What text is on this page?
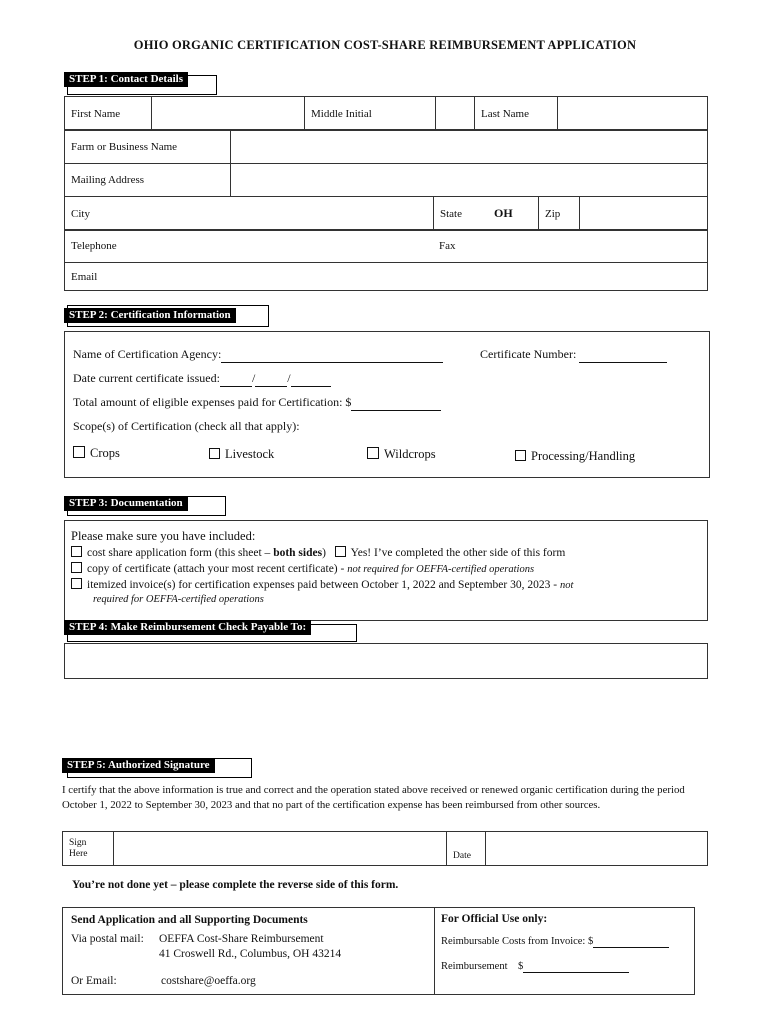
OHIO ORGANIC CERTIFICATION COST-SHARE REIMBURSEMENT APPLICATION
STEP 1: Contact Details
First Name		Middle Initial			Last Name	
Farm or Business Name	
Mailing Address	
City	State	OH	Zip	
Telephone	Fax
Email
STEP 2: Certification Information
Name of Certification Agency:	Certificate Number:
Date current certificate issued:	/	/
Total amount of eligible expenses paid for Certification: $
Scope(s) of Certification (check all that apply):
Crops	Livestock	Wildcrops	Processing/Handling
STEP 3: Documentation
Please make sure you have included:
cost share application form (this sheet – both sides) Yes! I’ve completed the other side of this form
copy of certificate (attach your most recent certificate) - not required for OEFFA-certified operations
itemized invoice(s) for certification expenses paid between October 1, 2022 and September 30, 2023 - not
required for OEFFA-certified operations
STEP 4: Make Reimbursement Check Payable To:
STEP 5: Authorized Signature
I certify that the above information is true and correct and the operation stated above received or renewed organic certification during the period October 1, 2022 to September 30, 2023 and that no part of the certification expense has been reimbursed from other sources.
Sign
Here		Date	
You’re not done yet – please complete the reverse side of this form.
Send Application and all Supporting Documents
Via postal mail: OEFFA Cost-Share Reimbursement
41 Croswell Rd., Columbus, OH 43214
Or Email:	costshare@oeffa.org
For Official Use only:
Reimbursable Costs from Invoice: $
Reimbursement $
